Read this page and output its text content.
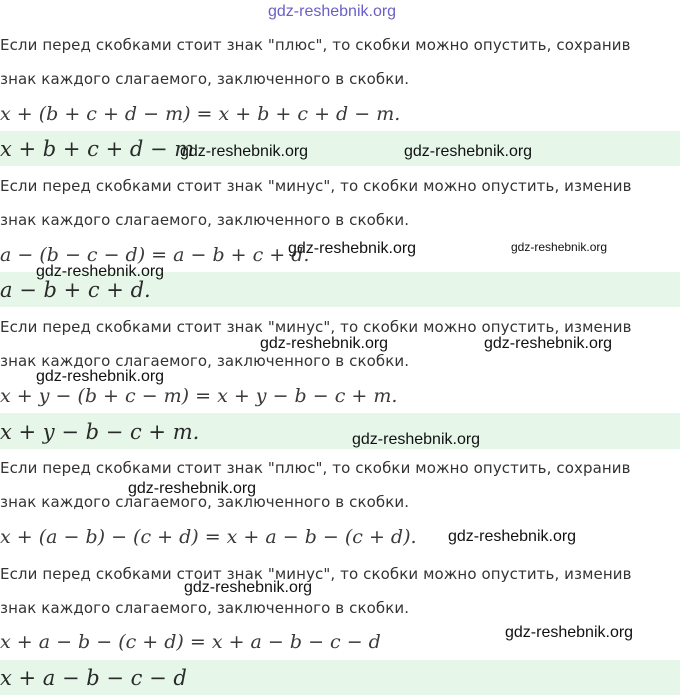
Если перед скобками стоит знак "плюс", то скобки можно опустить, сохранив
знак каждого слагаемого, заключенного в скобки.
x + (b + c + d − m) = x + b + c + d − m.
x + b + c + d − m
Если перед скобками стоит знак "минус", то скобки можно опустить, изменив
знак каждого слагаемого, заключенного в скобки.
a − (b − c − d) = a − b + c + d.
a − b + c + d.
Если перед скобками стоит знак "минус", то скобки можно опустить, изменив
знак каждого слагаемого, заключенного в скобки.
x + y − (b + c − m) = x + y − b − c + m.
x + y − b − c + m.
Если перед скобками стоит знак "плюс", то скобки можно опустить, сохранив
знак каждого слагаемого, заключенного в скобки.
x + (a − b) − (c + d) = x + a − b − (c + d).
Если перед скобками стоит знак "минус", то скобки можно опустить, изменив
знак каждого слагаемого, заключенного в скобки.
x + a − b − (c + d) = x + a − b − c − d
x + a − b − c − d
gdz-reshebnik.org
gdz-reshebnik.org	gdz-reshebnik.org
gdz-reshebnik.org	gdz-reshebnik.org
gdz-reshebnik.org
gdz-reshebnik.org	gdz-reshebnik.org
gdz-reshebnik.org
gdz-reshebnik.org
gdz-reshebnik.org
gdz-reshebnik.org
gdz-reshebnik.org
gdz-reshebnik.org
